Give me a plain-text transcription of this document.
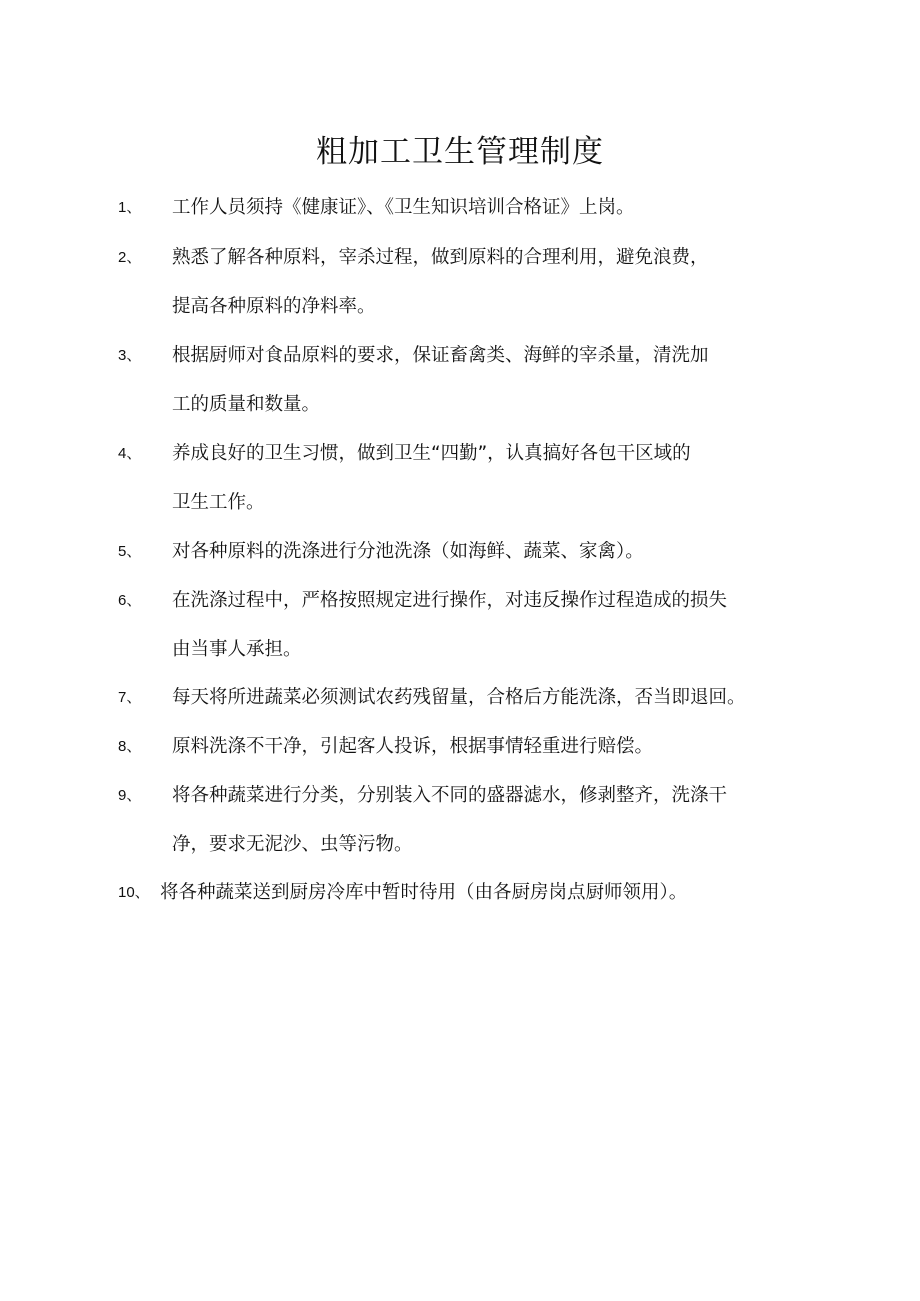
粗加工卫生管理制度
1、 工作人员须持《健康证》、《卫生知识培训合格证》上岗。
2、 熟悉了解各种原料，宰杀过程，做到原料的合理利用，避免浪费，
提高各种原料的净料率。
3、 根据厨师对食品原料的要求，保证畜禽类、海鲜的宰杀量，清洗加
工的质量和数量。
4、 养成良好的卫生习惯，做到卫生“四勤”，认真搞好各包干区域的
卫生工作。
5、 对各种原料的洗涤进行分池洗涤（如海鲜、蔬菜、家禽）。
6、 在洗涤过程中，严格按照规定进行操作，对违反操作过程造成的损失
由当事人承担。
7、 每天将所进蔬菜必须测试农药残留量，合格后方能洗涤，否当即退回。
8、 原料洗涤不干净，引起客人投诉，根据事情轻重进行赔偿。
9、 将各种蔬菜进行分类，分别装入不同的盛器滤水，修剥整齐，洗涤干
净，要求无泥沙、虫等污物。
10、 将各种蔬菜送到厨房冷库中暂时待用（由各厨房岗点厨师领用）。
